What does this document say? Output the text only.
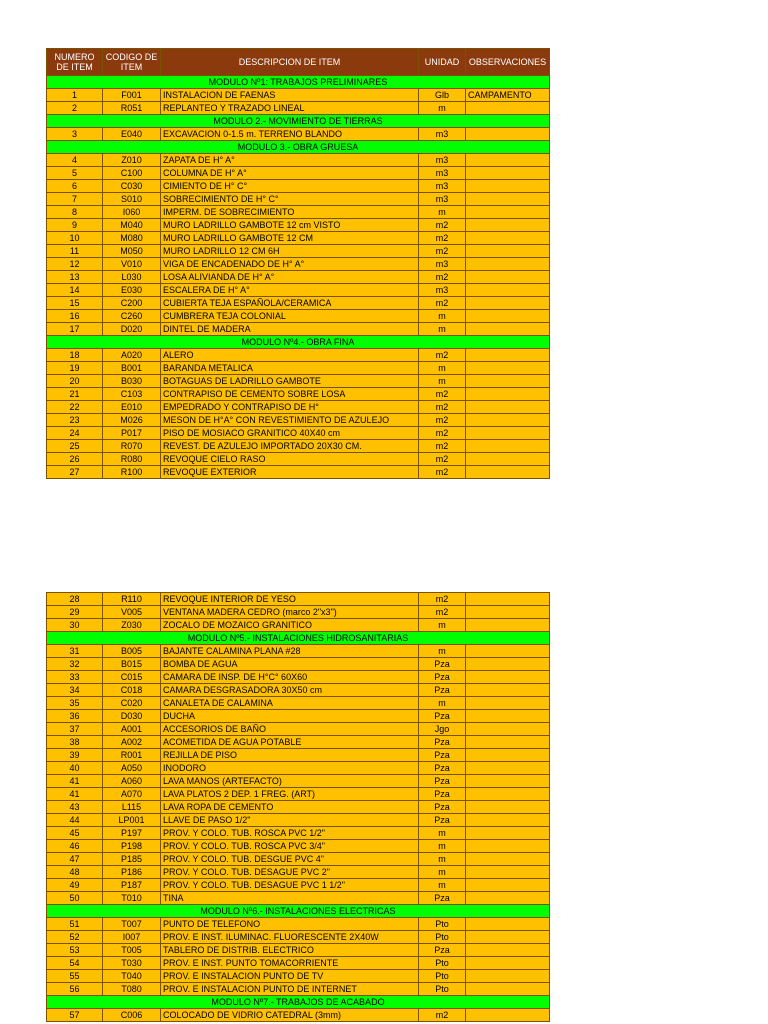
NUMERO DE ITEM	CODIGO DE ITEM	DESCRIPCION DE ITEM	UNIDAD	OBSERVACIONES
MODULO Nº1: TRABAJOS PRELIMINARES				
1	F001	INSTALACION DE FAENAS	Glb	CAMPAMENTO
2	R051	REPLANTEO Y TRAZADO LINEAL	m	
MODULO 2.- MOVIMIENTO DE TIERRAS				
3	E040	EXCAVACION 0-1.5 m. TERRENO BLANDO	m3	
MODULO 3.- OBRA GRUESA				
4	Z010	ZAPATA DE H° A°	m3	
5	C100	COLUMNA DE H° A°	m3	
6	C030	CIMIENTO DE H° C°	m3	
7	S010	SOBRECIMIENTO DE H° C°	m3	
8	I060	IMPERM. DE SOBRECIMIENTO	m	
9	M040	MURO LADRILLO GAMBOTE 12 cm VISTO	m2	
10	M080	MURO LADRILLO GAMBOTE 12 CM	m2	
11	M050	MURO LADRILLO 12 CM 6H	m2	
12	V010	VIGA DE ENCADENADO DE H° A°	m3	
13	L030	LOSA ALIVIANDA DE H° A°	m2	
14	E030	ESCALERA DE H° A°	m3	
15	C200	CUBIERTA TEJA ESPAÑOLA/CERAMICA	m2	
16	C260	CUMBRERA TEJA COLONIAL	m	
17	D020	DINTEL DE MADERA	m	
MODULO Nº4.- OBRA FINA				
18	A020	ALERO	m2	
19	B001	BARANDA METALICA	m	
20	B030	BOTAGUAS DE LADRILLO GAMBOTE	m	
21	C103	CONTRAPISO DE CEMENTO SOBRE LOSA	m2	
22	E010	EMPEDRADO Y CONTRAPISO DE H°	m2	
23	M026	MESON DE H°A° CON REVESTIMIENTO DE AZULEJO	m2	
24	P017	PISO DE MOSIACO GRANITICO 40X40 cm	m2	
25	R070	REVEST. DE AZULEJO IMPORTADO 20X30 CM.	m2	
26	R080	REVOQUE CIELO RASO	m2	
27	R100	REVOQUE EXTERIOR	m2	
28	R110	REVOQUE INTERIOR DE YESO	m2	
29	V005	VENTANA MADERA CEDRO (marco 2"x3")	m2	
30	Z030	ZOCALO DE MOZAICO GRANITICO	m	
MODULO Nº5.- INSTALACIONES HIDROSANITARIAS				
31	B005	BAJANTE CALAMINA PLANA #28	m	
32	B015	BOMBA DE AGUA	Pza	
33	C015	CAMARA DE INSP. DE H°C° 60X60	Pza	
34	C018	CAMARA DESGRASADORA 30X50 cm	Pza	
35	C020	CANALETA DE CALAMINA	m	
36	D030	DUCHA	Pza	
37	A001	ACCESORIOS DE BAÑO	Jgo	
38	A002	ACOMETIDA DE AGUA POTABLE	Pza	
39	R001	REJILLA DE PISO	Pza	
40	A050	INODORO	Pza	
41	A060	LAVA MANOS (ARTEFACTO)	Pza	
41	A070	LAVA PLATOS 2 DEP. 1 FREG. (ART)	Pza	
43	L115	LAVA ROPA DE CEMENTO	Pza	
44	LP001	LLAVE DE PASO 1/2"	Pza	
45	P197	PROV. Y COLO. TUB. ROSCA PVC 1/2"	m	
46	P198	PROV. Y COLO. TUB. ROSCA PVC 3/4"	m	
47	P185	PROV. Y COLO. TUB. DESGUE PVC 4"	m	
48	P186	PROV. Y COLO. TUB. DESAGUE PVC 2"	m	
49	P187	PROV. Y COLO. TUB. DESAGUE PVC 1 1/2"	m	
50	T010	TINA	Pza	
MODULO Nº6.- INSTALACIONES ELECTRICAS				
51	T007	PUNTO DE TELEFONO	Pto	
52	I007	PROV. E INST. ILUMINAC. FLUORESCENTE 2X40W	Pto	
53	T005	TABLERO DE DISTRIB. ELECTRICO	Pza	
54	T030	PROV. E INST. PUNTO TOMACORRIENTE	Pto	
55	T040	PROV. E INSTALACION PUNTO DE TV	Pto	
56	T080	PROV. E INSTALACION PUNTO DE INTERNET	Pto	
MODULO Nº7.- TRABAJOS DE ACABADO				
57	C006	COLOCADO DE VIDRIO CATEDRAL (3mm)	m2	
